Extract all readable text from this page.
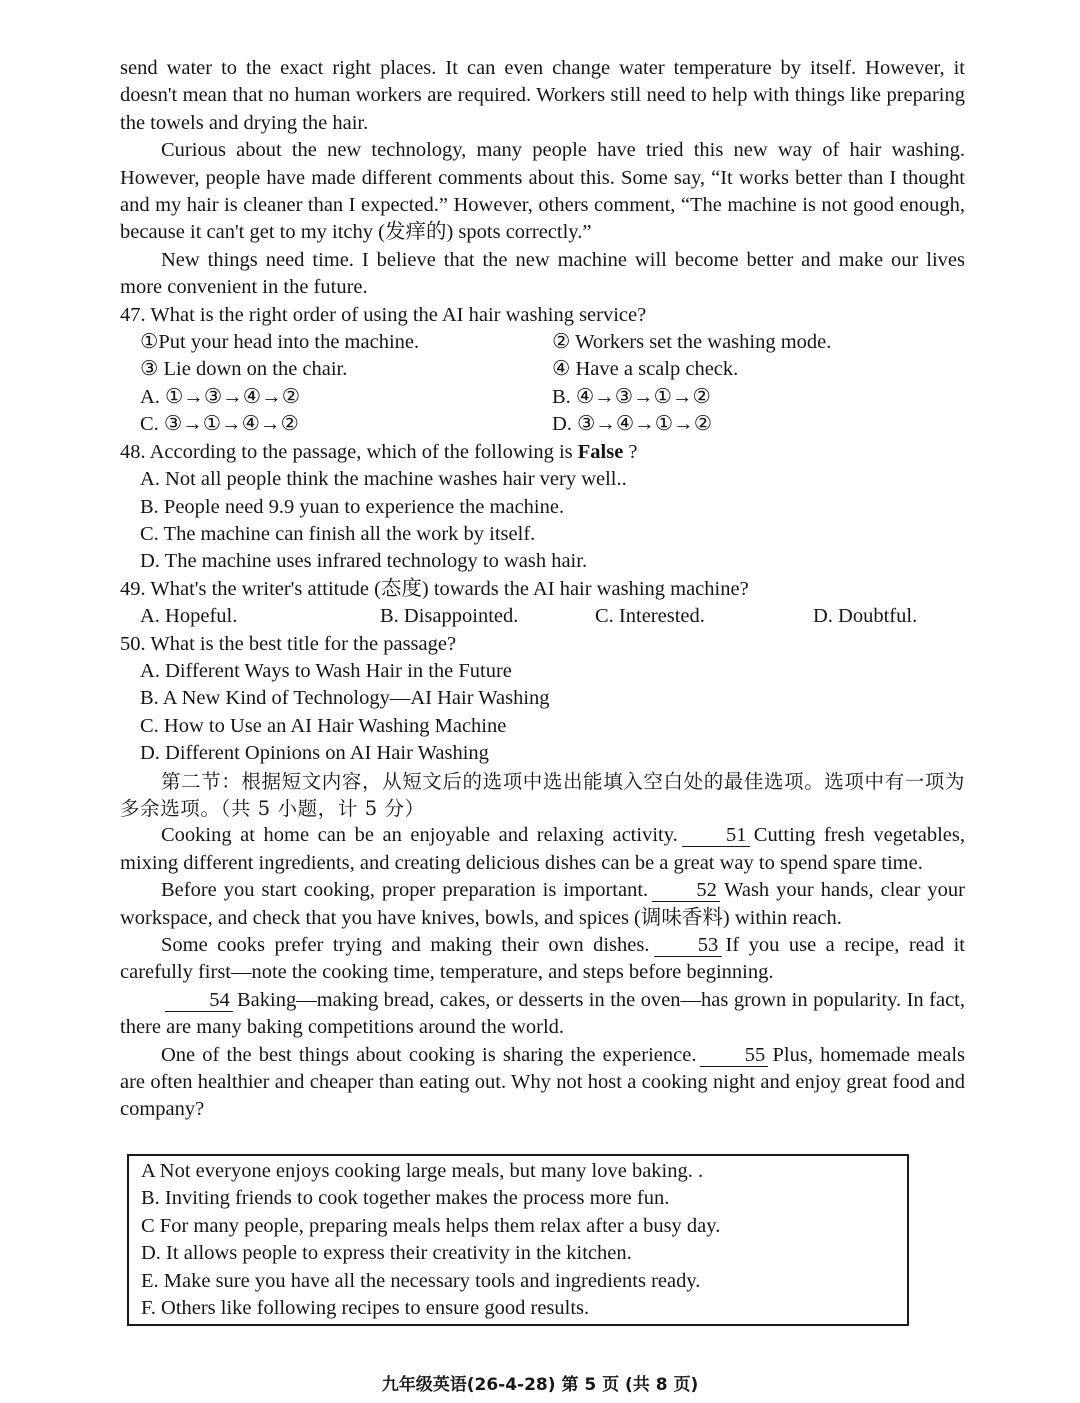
send water to the exact right places. It can even change water temperature by itself. However, it doesn't mean that no human workers are required. Workers still need to help with things like preparing the towels and drying the hair.

Curious about the new technology, many people have tried this new way of hair washing. However, people have made different comments about this. Some say, “It works better than I thought and my hair is cleaner than I expected.” However, others comment, “The machine is not good enough, because it can't get to my itchy (发痒的) spots correctly.”

New things need time. I believe that the new machine will become better and make our lives more convenient in the future.

47. What is the right order of using the AI hair washing service?

①Put your head into the machine.	② Workers set the washing mode.
③ Lie down on the chair.	④ Have a scalp check.
A. ①→③→④→②	B. ④→③→①→②
C. ③→①→④→②	D. ③→④→①→②

48. According to the passage, which of the following is False ?

A. Not all people think the machine washes hair very well..

B. People need 9.9 yuan to experience the machine.

C. The machine can finish all the work by itself.

D. The machine uses infrared technology to wash hair.

49. What's the writer's attitude (态度) towards the AI hair washing machine?

A. Hopeful.	B. Disappointed.	C. Interested.	D. Doubtful.

50. What is the best title for the passage?

A. Different Ways to Wash Hair in the Future

B. A New Kind of Technology—AI Hair Washing

C. How to Use an AI Hair Washing Machine

D. Different Opinions on AI Hair Washing

第二节：根据短文内容，从短文后的选项中选出能填入空白处的最佳选项。选项中有一项为多余选项。（共 5 小题，计 5 分）

Cooking at home can be an enjoyable and relaxing activity. 51 Cutting fresh vegetables, mixing different ingredients, and creating delicious dishes can be a great way to spend spare time.

Before you start cooking, proper preparation is important. 52 Wash your hands, clear your workspace, and check that you have knives, bowls, and spices (调味香料) within reach.

Some cooks prefer trying and making their own dishes. 53 If you use a recipe, read it carefully first—note the cooking time, temperature, and steps before beginning.

54 Baking—making bread, cakes, or desserts in the oven—has grown in popularity. In fact, there are many baking competitions around the world.

One of the best things about cooking is sharing the experience. 55 Plus, homemade meals are often healthier and cheaper than eating out. Why not host a cooking night and enjoy great food and company?

A Not everyone enjoys cooking large meals, but many love baking. .

B. Inviting friends to cook together makes the process more fun.

C For many people, preparing meals helps them relax after a busy day.

D. It allows people to express their creativity in the kitchen.

E. Make sure you have all the necessary tools and ingredients ready.

F. Others like following recipes to ensure good results.

九年级英语(26-4-28) 第 5 页 (共 8 页)
